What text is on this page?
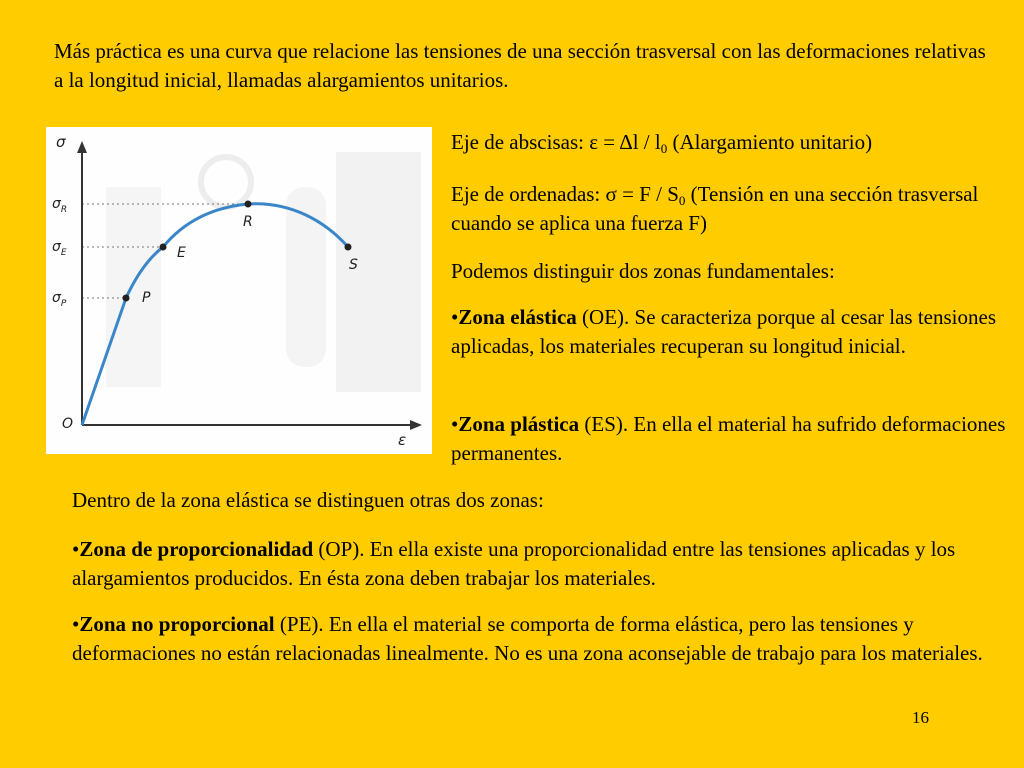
Más práctica es una curva que relacione las tensiones de una sección trasversal con las deformaciones relativas a la longitud inicial, llamadas alargamientos unitarios.
σ
ε
O
$\sigma_R$
$\sigma_E$
$\sigma_P$	P
E
R
S
Eje de abscisas: $\varepsilon = \Delta l / l_0$ (Alargamiento unitario)
Eje de ordenadas: $\sigma = F / S_0$ (Tensión en una sección trasversal cuando se aplica una fuerza F)
Podemos distinguir dos zonas fundamentales:
•Zona elástica (OE). Se caracteriza porque al cesar las tensiones aplicadas, los materiales recuperan su longitud inicial.
•Zona plástica (ES). En ella el material ha sufrido deformaciones permanentes.
Dentro de la zona elástica se distinguen otras dos zonas:
•Zona de proporcionalidad (OP). En ella existe una proporcionalidad entre las tensiones aplicadas y los alargamientos producidos. En ésta zona deben trabajar los materiales.
•Zona no proporcional (PE). En ella el material se comporta de forma elástica, pero las tensiones y deformaciones no están relacionadas linealmente. No es una zona aconsejable de trabajo para los materiales.
16
